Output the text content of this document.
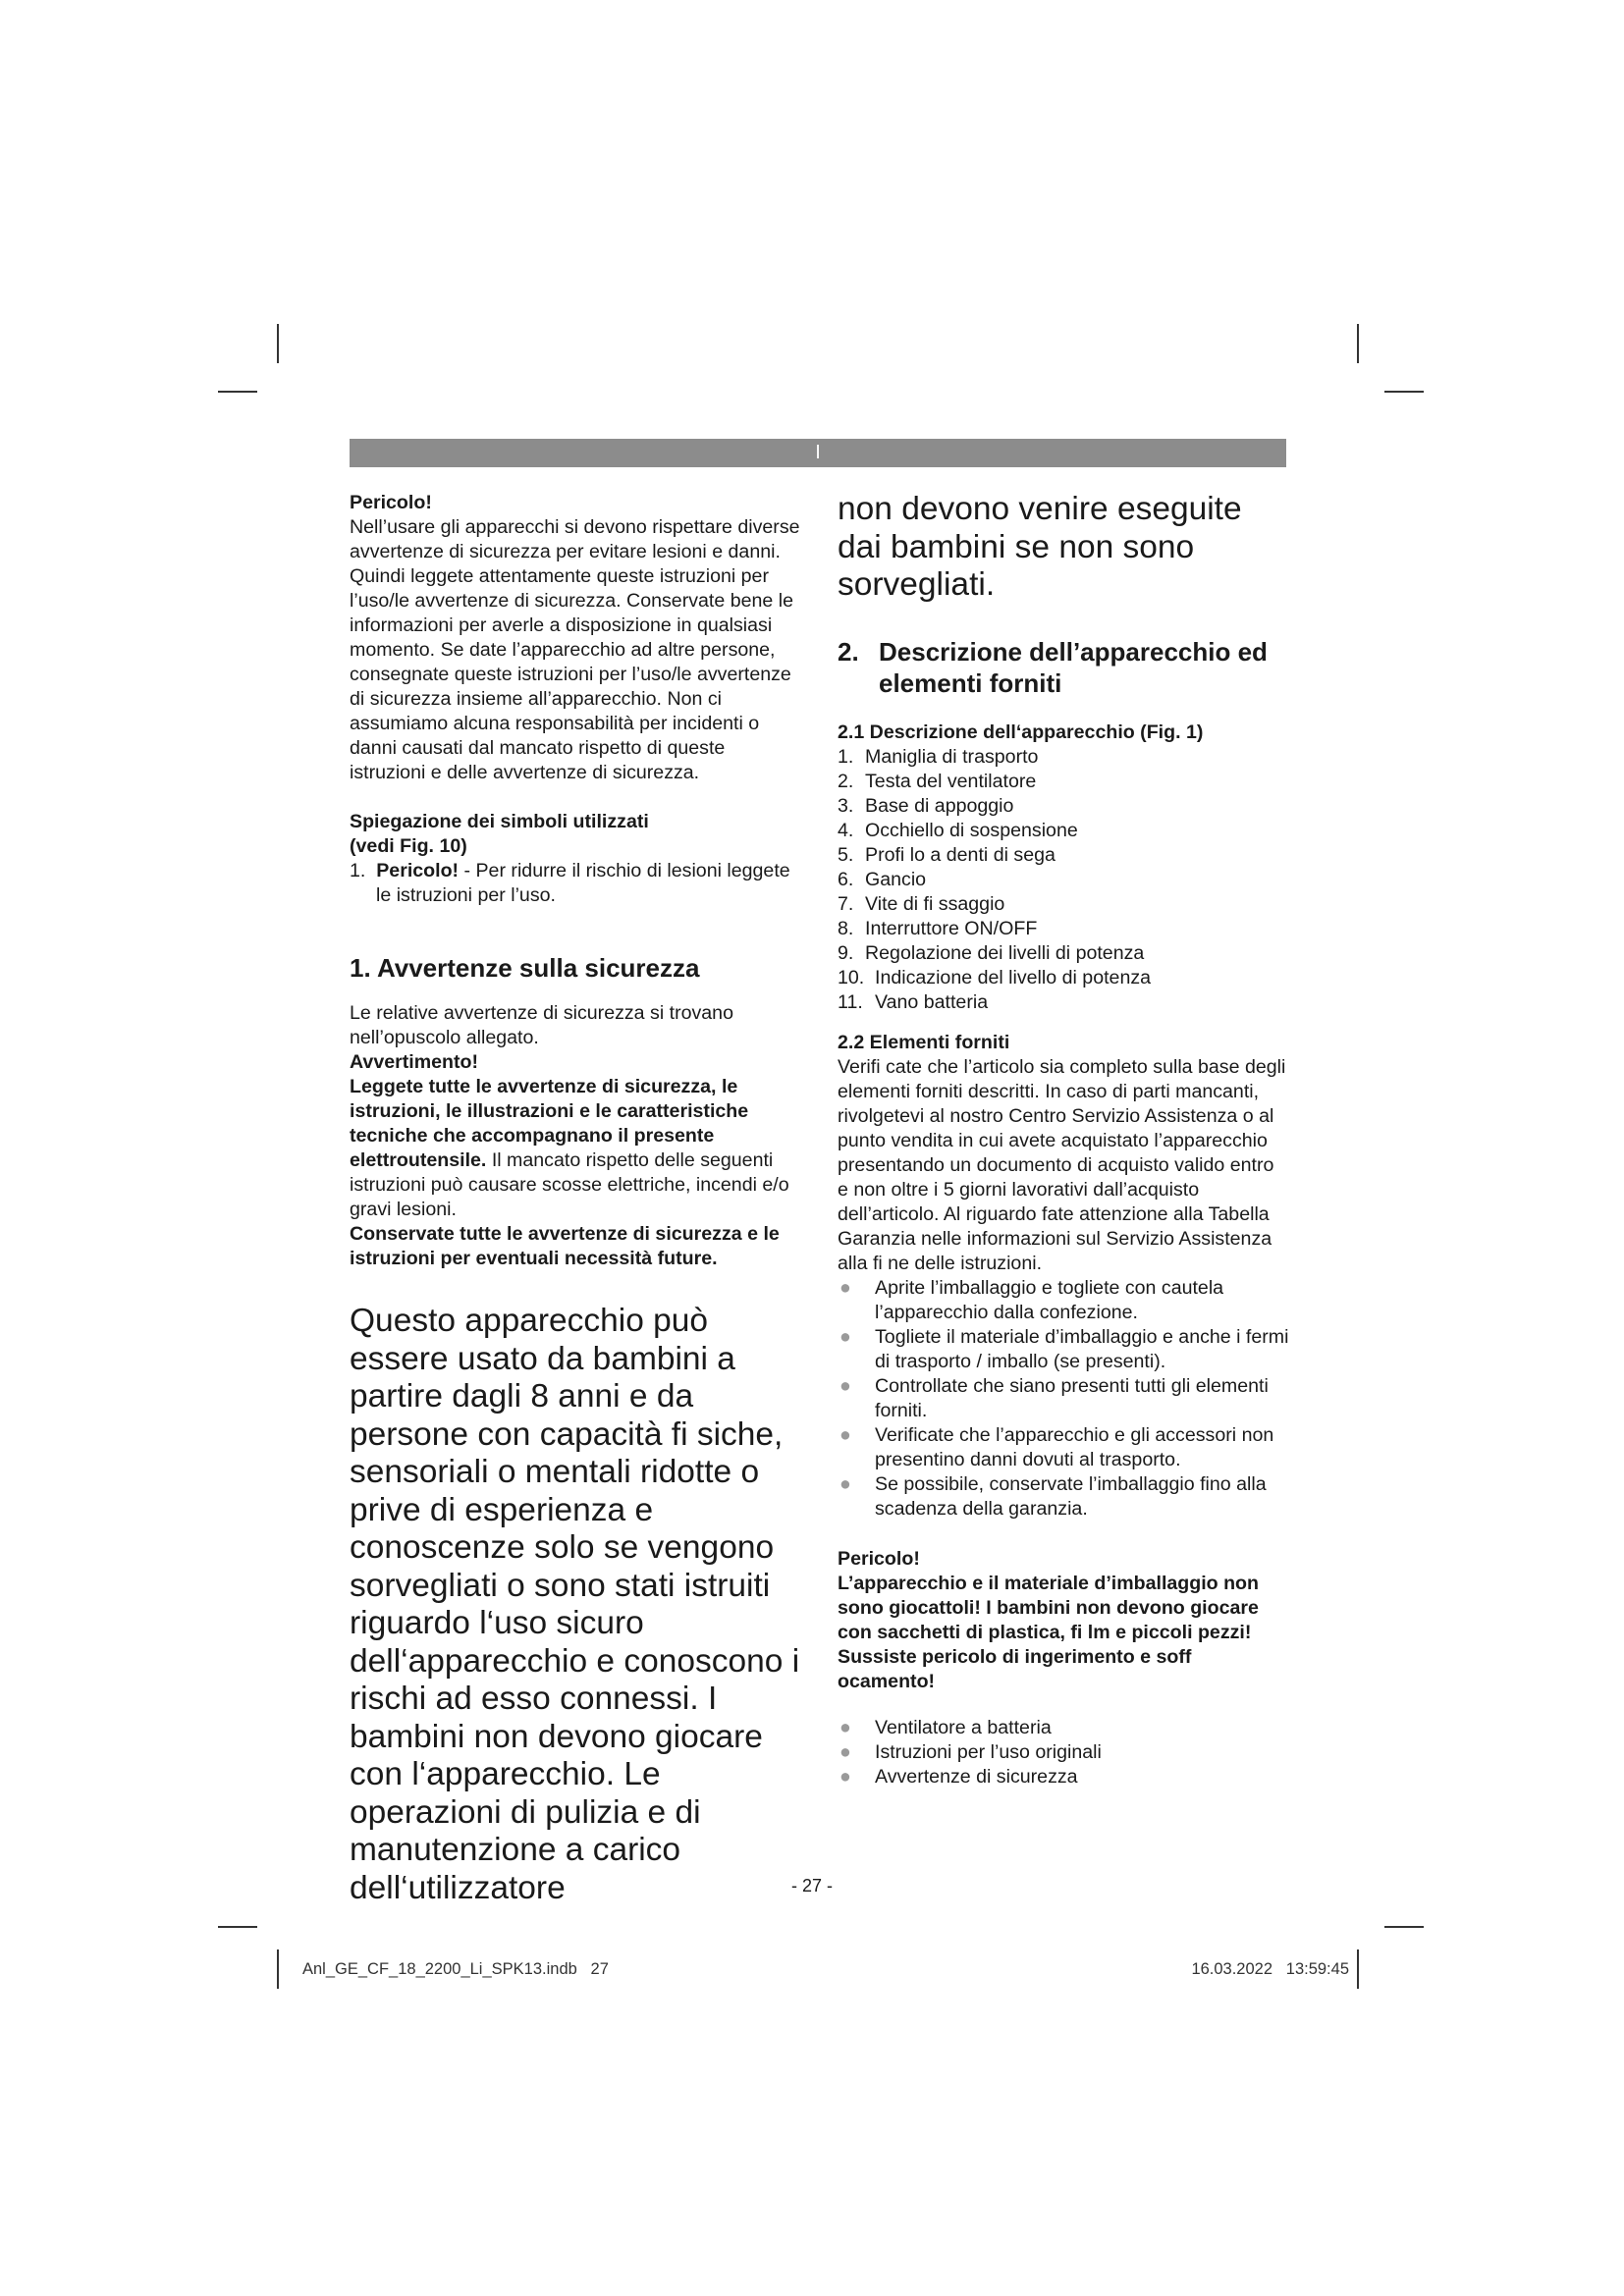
I

Pericolo!

Nell’usare gli apparecchi si devono rispettare diverse avvertenze di sicurezza per evitare lesioni e danni. Quindi leggete attentamente queste istruzioni per l’uso/le avvertenze di sicurezza. Conservate bene le informazioni per averle a disposizione in qualsiasi momento. Se date l’apparecchio ad altre persone, consegnate queste istruzioni per l’uso/le avvertenze di sicurezza insieme all’apparecchio. Non ci assumiamo alcuna responsabilità per incidenti o danni causati dal mancato rispetto di queste istruzioni e delle avvertenze di sicurezza.

Spiegazione dei simboli utilizzati

(vedi Fig. 10)

1. Pericolo! - Per ridurre il rischio di lesioni leggete le istruzioni per l’uso.

1. Avvertenze sulla sicurezza

Le relative avvertenze di sicurezza si trovano nell’opuscolo allegato.

Avvertimento!

Leggete tutte le avvertenze di sicurezza, le istruzioni, le illustrazioni e le caratteristiche tecniche che accompagnano il presente elettroutensile. Il mancato rispetto delle seguenti istruzioni può causare scosse elettriche, incendi e/o gravi lesioni.

Conservate tutte le avvertenze di sicurezza e le istruzioni per eventuali necessità future.

Questo apparecchio può essere usato da bambini a partire dagli 8 anni e da persone con capacità fi siche, sensoriali o mentali ridotte o prive di esperienza e conoscenze solo se vengono sorvegliati o sono stati istruiti riguardo l‘uso sicuro dell‘apparecchio e conoscono i rischi ad esso connessi. I bambini non devono giocare con l‘apparecchio. Le operazioni di pulizia e di manutenzione a carico dell‘utilizzatore

non devono venire eseguite dai bambini se non sono sorvegliati.

2. Descrizione dell’apparecchio ed elementi forniti

2.1 Descrizione dell‘apparecchio (Fig. 1)

1. Maniglia di trasporto
2. Testa del ventilatore
3. Base di appoggio
4. Occhiello di sospensione
5. Profi lo a denti di sega
6. Gancio
7. Vite di fi ssaggio
8. Interruttore ON/OFF
9. Regolazione dei livelli di potenza
10. Indicazione del livello di potenza
11. Vano batteria

2.2 Elementi forniti

Verifi cate che l’articolo sia completo sulla base degli elementi forniti descritti. In caso di parti mancanti, rivolgetevi al nostro Centro Servizio Assistenza o al punto vendita in cui avete acquistato l’apparecchio presentando un documento di acquisto valido entro e non oltre i 5 giorni lavorativi dall’acquisto dell’articolo. Al riguardo fate attenzione alla Tabella Garanzia nelle informazioni sul Servizio Assistenza alla fi ne delle istruzioni.

● Aprite l’imballaggio e togliete con cautela l’apparecchio dalla confezione.
● Togliete il materiale d’imballaggio e anche i fermi di trasporto / imballo (se presenti).
● Controllate che siano presenti tutti gli elementi forniti.
● Verificate che l’apparecchio e gli accessori non presentino danni dovuti al trasporto.
● Se possibile, conservate l’imballaggio fino alla scadenza della garanzia.

Pericolo!

L’apparecchio e il materiale d’imballaggio non sono giocattoli! I bambini non devono giocare con sacchetti di plastica, fi lm e piccoli pezzi! Sussiste pericolo di ingerimento e soff ocamento!

● Ventilatore a batteria
● Istruzioni per l’uso originali
● Avvertenze di sicurezza
- 27 -
Anl_GE_CF_18_2200_Li_SPK13.indb   27	16.03.2022   13:59:45
